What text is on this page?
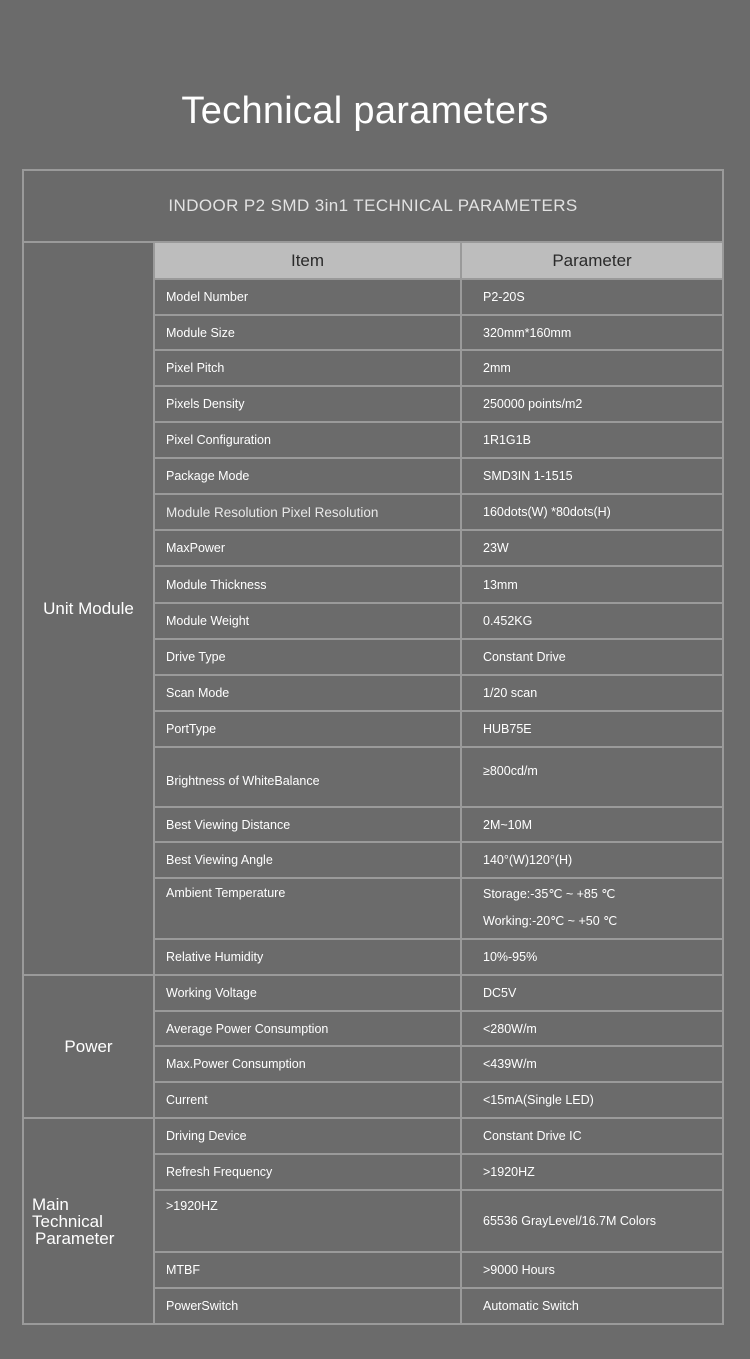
Technical parameters
INDOOR P2 SMD 3in1 TECHNICAL PARAMETERS		
Unit Module	Item	Parameter
	Model Number	P2-20S
	Module Size	320mm*160mm
	Pixel Pitch	2mm
	Pixels Density	250000 points/m2
	Pixel Configuration	1R1G1B
	Package Mode	SMD3IN 1-1515
	Module Resolution Pixel Resolution	160dots(W) *80dots(H)
	MaxPower	23W
	Module Thickness	13mm
	Module Weight	0.452KG
	Drive Type	Constant Drive
	Scan Mode	1/20 scan
	PortType	HUB75E
	Brightness of WhiteBalance	≥800cd/m
	Best Viewing Distance	2M~10M
	Best Viewing Angle	140°(W)120°(H)
	Ambient Temperature	Storage:-35℃ ~ +85 ℃
Working:-20℃ ~ +50 ℃

	Relative Humidity	10%-95%
Power	Working Voltage	DC5V
	Average Power Consumption	<280W/m
	Max.Power Consumption	<439W/m
	Current	<15mA(Single LED)

Main
Technical
Parameter	Driving Device	Constant Drive IC
	Refresh Frequency	>1920HZ
	>1920HZ	65536 GrayLevel/16.7M Colors
	MTBF	>9000 Hours
	PowerSwitch	Automatic Switch
